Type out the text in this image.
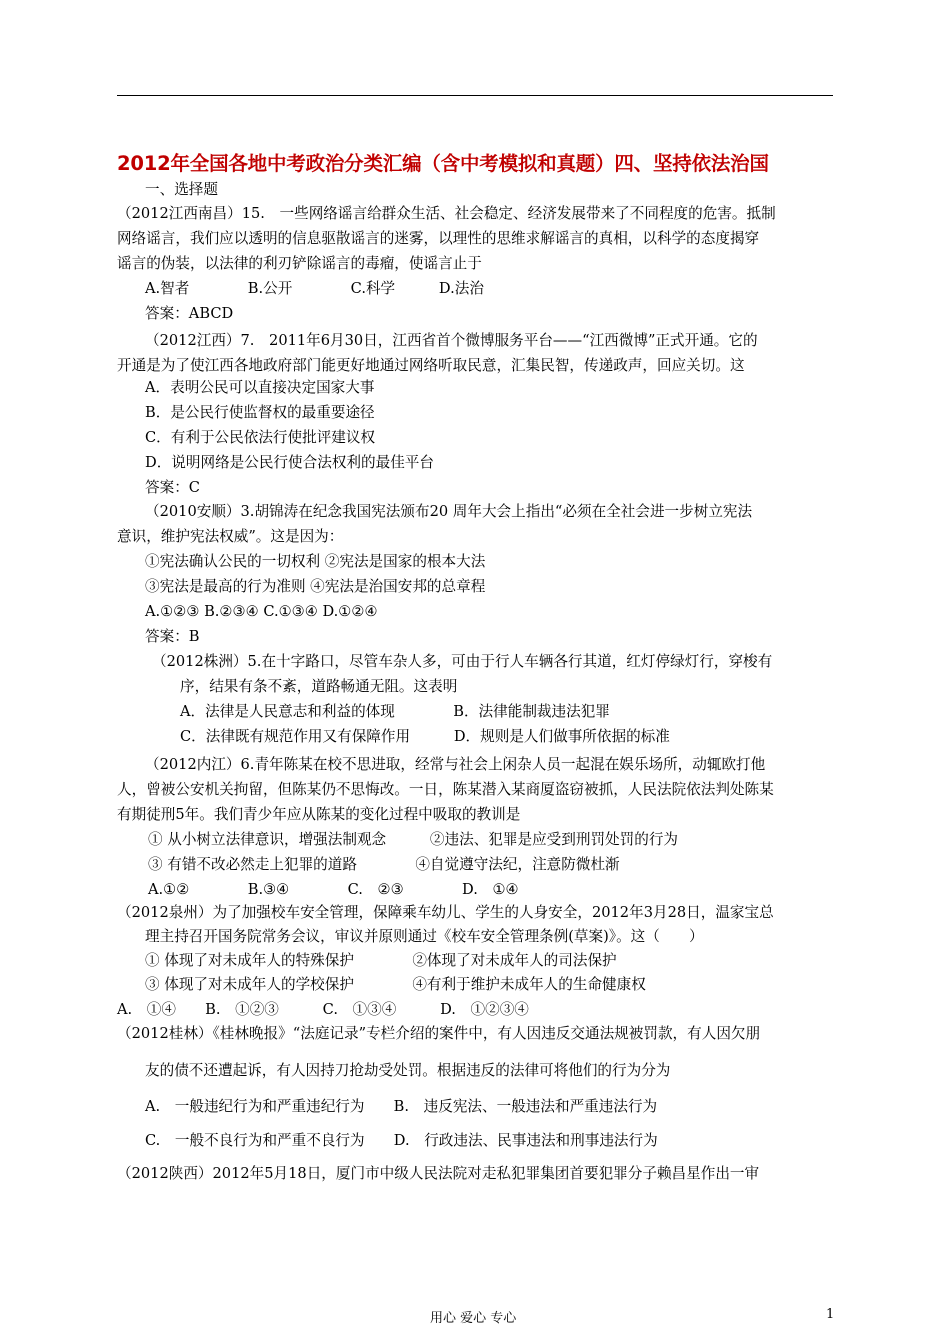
2012年全国各地中考政治分类汇编（含中考模拟和真题）四、坚持依法治国
一、选择题
（2012江西南昌）15.　一些网络谣言给群众生活、社会稳定、经济发展带来了不同程度的危害。抵制
网络谣言，我们应以透明的信息驱散谣言的迷雾，以理性的思维求解谣言的真相，以科学的态度揭穿
谣言的伪装，以法律的利刃铲除谣言的毒瘤，使谣言止于
A.智者　　　　B.公开　　　　C.科学　　　D.法治
答案：ABCD
（2012江西）7.　2011年6月30日，江西省首个微博服务平台——“江西微博”正式开通。它的
开通是为了使江西各地政府部门能更好地通过网络听取民意，汇集民智，传递政声，回应关切。这
A．表明公民可以直接决定国家大事
B．是公民行使监督权的最重要途径
C．有利于公民依法行使批评建议权
D．说明网络是公民行使合法权利的最佳平台
答案：C
（2010安顺）3.胡锦涛在纪念我国宪法颁布20 周年大会上指出“必须在全社会进一步树立宪法
意识，维护宪法权威”。这是因为：
①宪法确认公民的一切权利 ②宪法是国家的根本大法
③宪法是最高的行为准则 ④宪法是治国安邦的总章程
A.①②③ B.②③④ C.①③④ D.①②④
答案：B
（2012株洲）5.在十字路口，尽管车杂人多，可由于行人车辆各行其道，红灯停绿灯行，穿梭有
序，结果有条不紊，道路畅通无阻。这表明
A．法律是人民意志和利益的体现　　　　B．法律能制裁违法犯罪
C．法律既有规范作用又有保障作用　　　D．规则是人们做事所依据的标准
（2012内江）6.青年陈某在校不思进取，经常与社会上闲杂人员一起混在娱乐场所，动辄欧打他
人，曾被公安机关拘留，但陈某仍不思悔改。一日，陈某潜入某商厦盗窃被抓，人民法院依法判处陈某
有期徒刑5年。我们青少年应从陈某的变化过程中吸取的教训是
① 从小树立法律意识，增强法制观念　　　②违法、犯罪是应受到刑罚处罚的行为
③ 有错不改必然走上犯罪的道路　　　　④自觉遵守法纪，注意防微杜渐
A.①②　　　　B.③④　　　　C.　②③　　　　D.　①④
（2012泉州）为了加强校车安全管理，保障乘车幼儿、学生的人身安全，2012年3月28日，温家宝总
理主持召开国务院常务会议，审议并原则通过《校车安全管理条例(草案)》。这（　　）
① 体现了对未成年人的特殊保护　　　　②体现了对未成年人的司法保护
③ 体现了对未成年人的学校保护　　　　④有利于维护未成年人的生命健康权
A.　①④　　B.　①②③　　　C.　①③④　　　D.　①②③④
（2012桂林）《桂林晚报》“法庭记录”专栏介绍的案件中，有人因违反交通法规被罚款，有人因欠朋
友的债不还遭起诉，有人因持刀抢劫受处罚。根据违反的法律可将他们的行为分为
A.　一般违纪行为和严重违纪行为　　B.　违反宪法、一般违法和严重违法行为
C.　一般不良行为和严重不良行为　　D.　行政违法、民事违法和刑事违法行为
（2012陕西）2012年5月18日，厦门市中级人民法院对走私犯罪集团首要犯罪分子赖昌星作出一审
用心 爱心 专心	1
